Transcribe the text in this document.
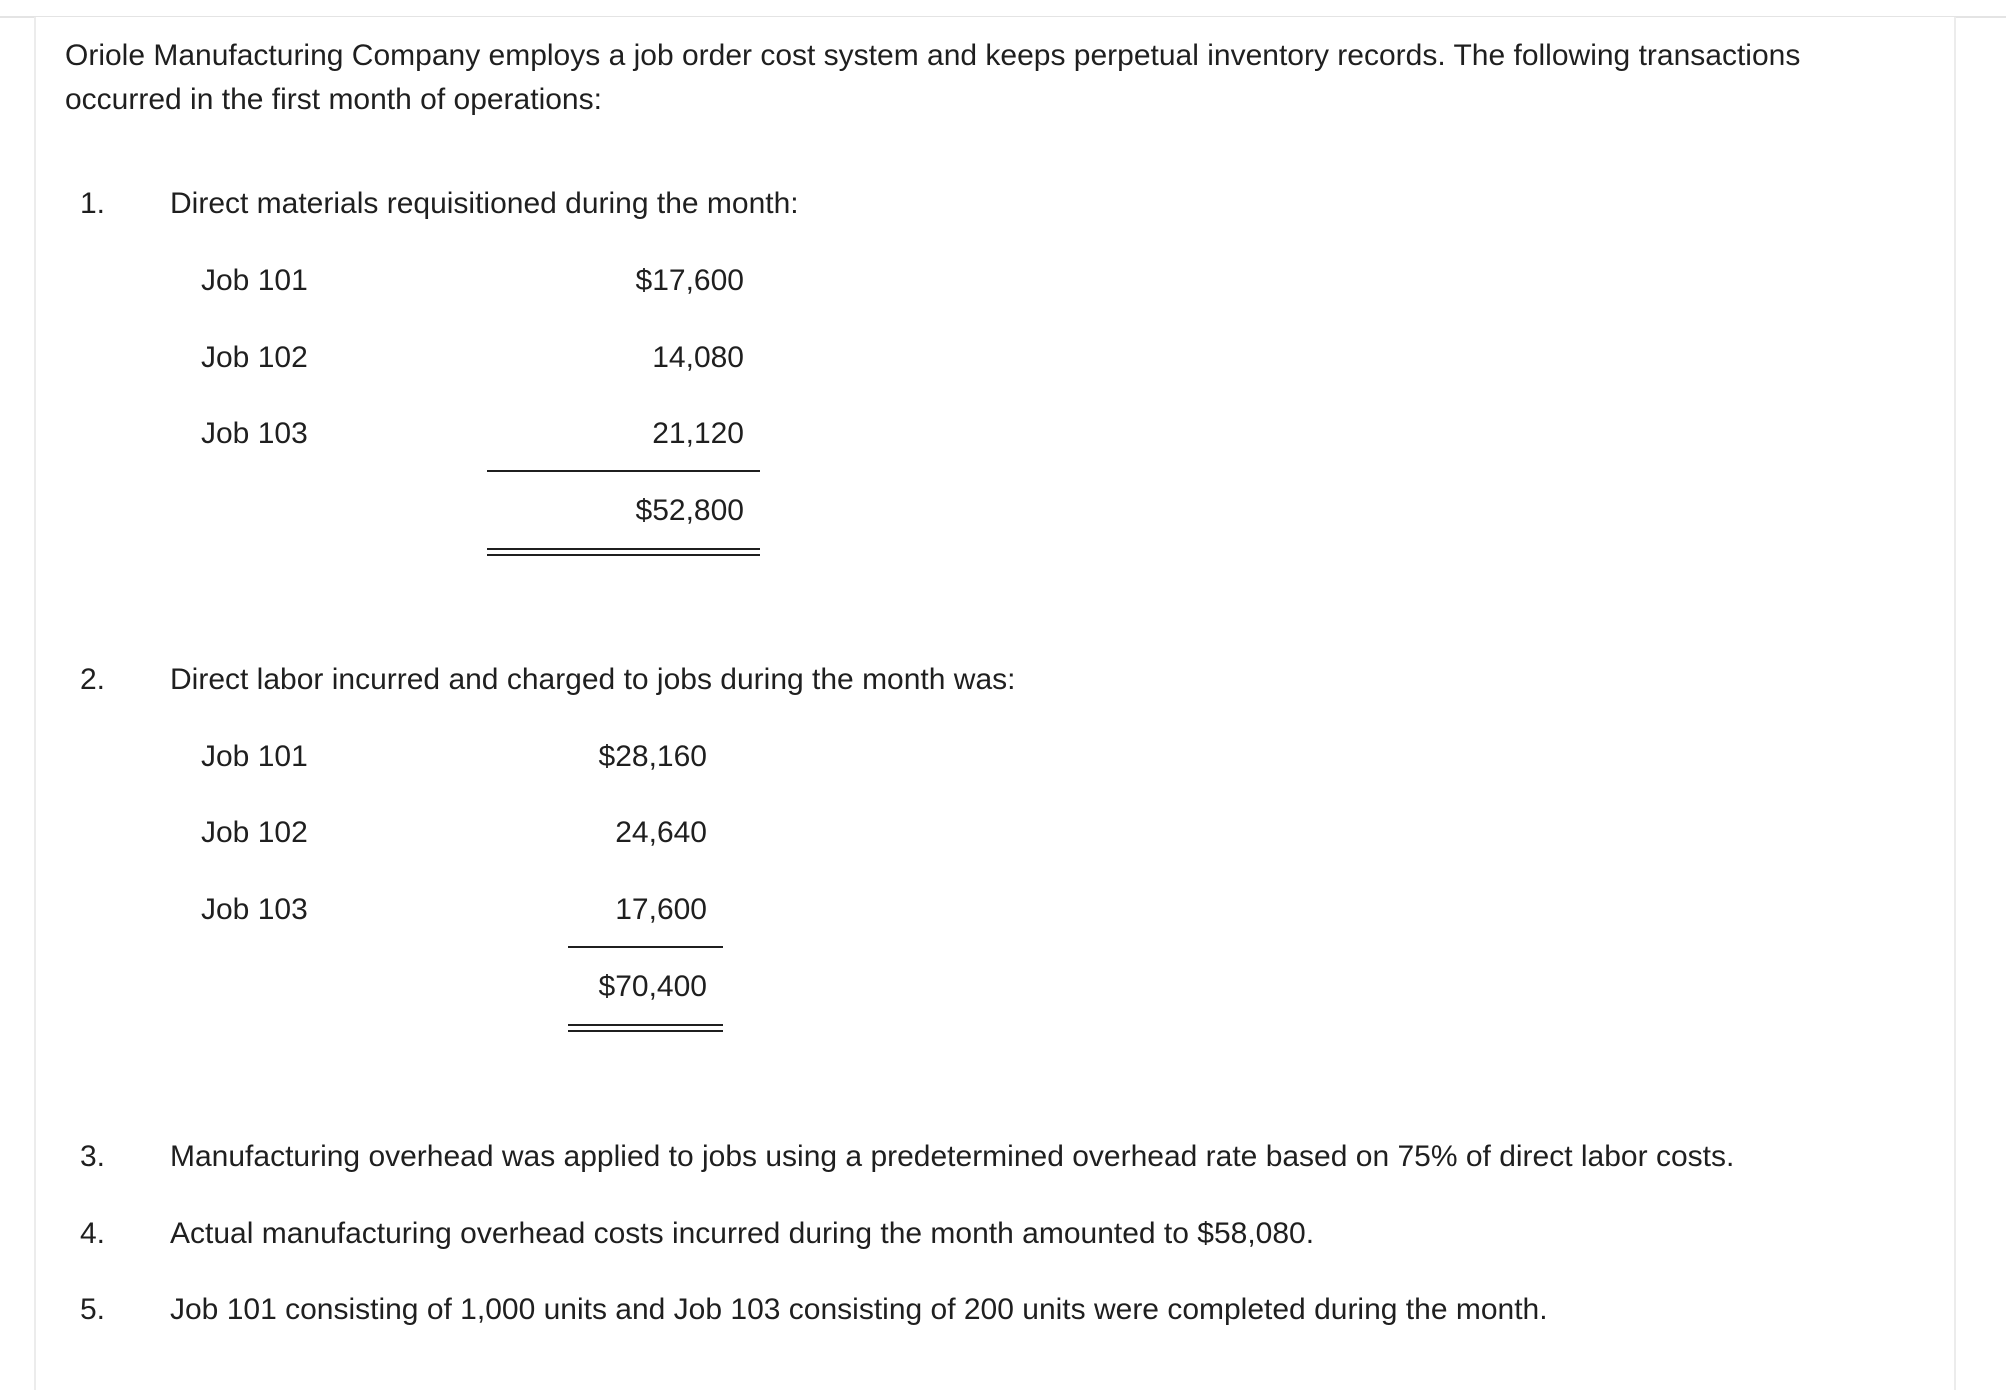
Oriole Manufacturing Company employs a job order cost system and keeps perpetual inventory records. The following transactions occurred in the first month of operations:
1. Direct materials requisitioned during the month:
Job 101	$17,600
Job 102	14,080
Job 103	21,120
$52,800
2. Direct labor incurred and charged to jobs during the month was:
Job 101	$28,160
Job 102	24,640
Job 103	17,600
$70,400
3. Manufacturing overhead was applied to jobs using a predetermined overhead rate based on 75% of direct labor costs.
4. Actual manufacturing overhead costs incurred during the month amounted to $58,080.
5. Job 101 consisting of 1,000 units and Job 103 consisting of 200 units were completed during the month.
